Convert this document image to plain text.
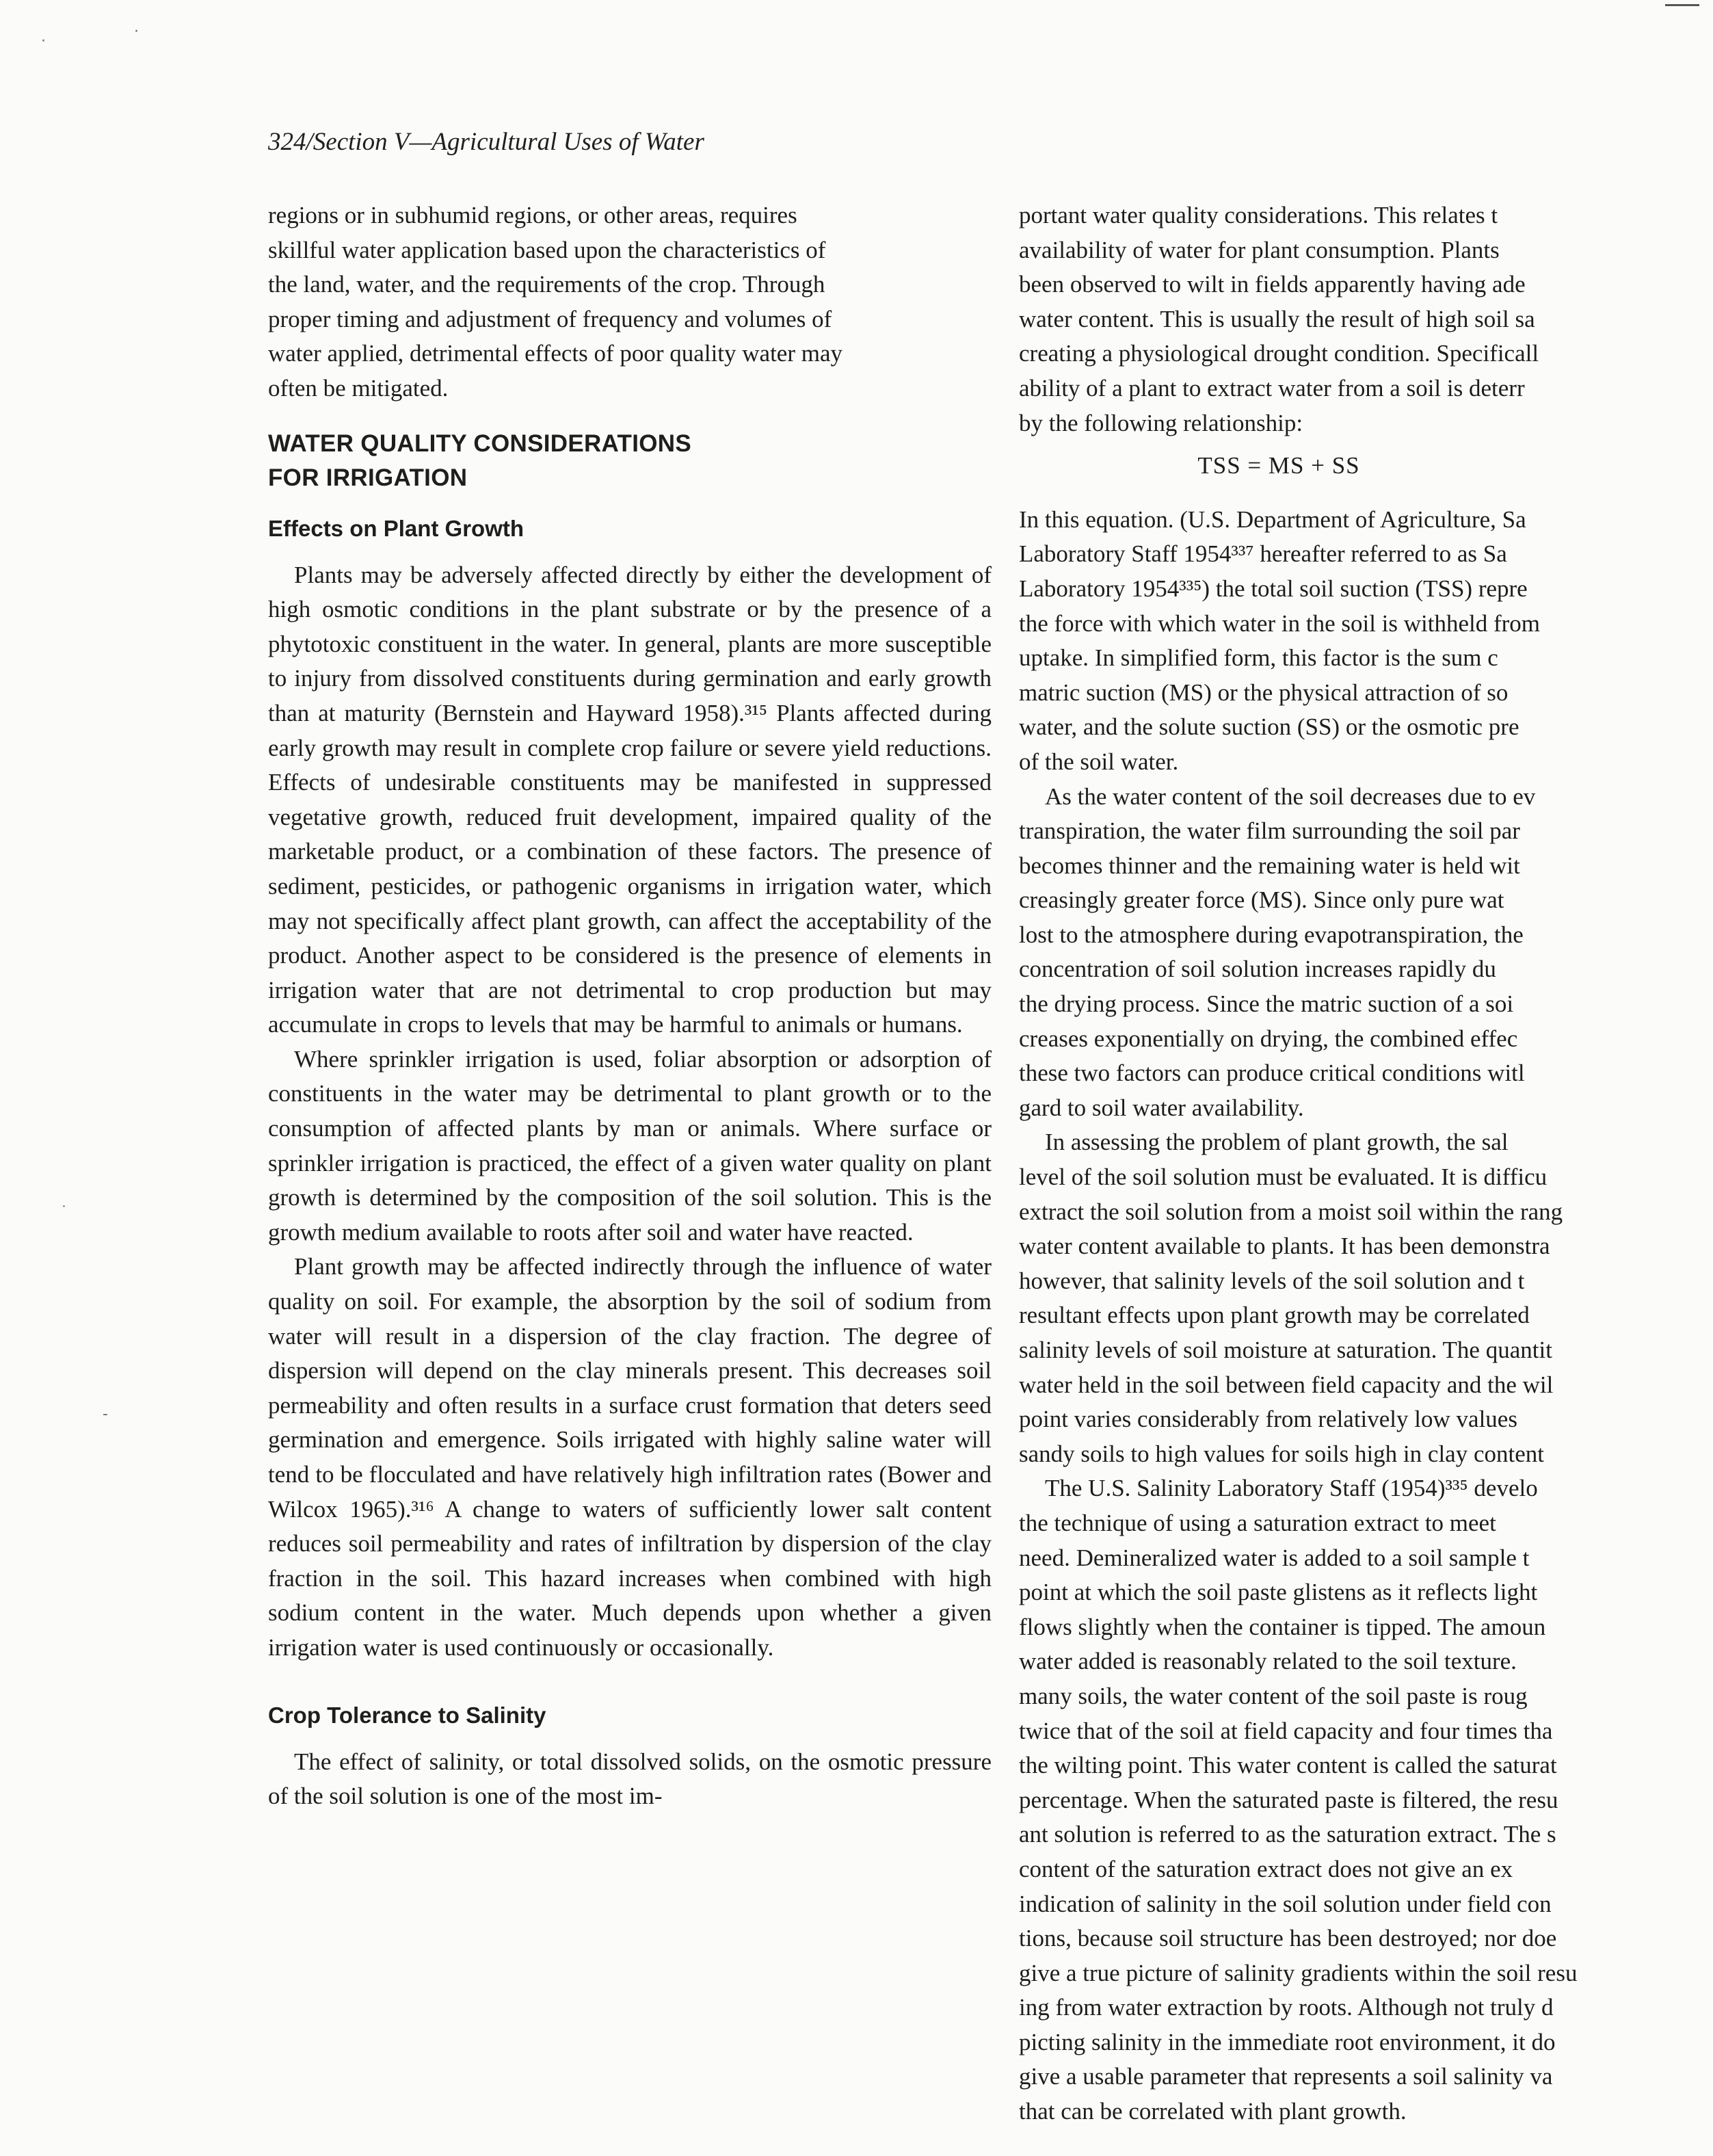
·
·
˙
-
324/Section V—Agricultural Uses of Water
regions or in subhumid regions, or other areas, requires
skillful water application based upon the characteristics of
the land, water, and the requirements of the crop. Through
proper timing and adjustment of frequency and volumes of
water applied, detrimental effects of poor quality water may
often be mitigated.
WATER QUALITY CONSIDERATIONS
FOR IRRIGATION
Effects on Plant Growth

Plants may be adversely affected directly by either the development of high osmotic conditions in the plant substrate or by the presence of a phytotoxic constituent in the water. In general, plants are more susceptible to injury from dissolved constituents during germination and early growth than at maturity (Bernstein and Hayward 1958).³¹⁵ Plants affected during early growth may result in complete crop failure or severe yield reductions. Effects of undesirable constituents may be manifested in suppressed vegetative growth, reduced fruit development, impaired quality of the marketable product, or a combination of these factors. The presence of sediment, pesticides, or pathogenic organisms in irrigation water, which may not specifically affect plant growth, can affect the acceptability of the product. Another aspect to be considered is the presence of elements in irrigation water that are not detrimental to crop production but may accumulate in crops to levels that may be harmful to animals or humans.

Where sprinkler irrigation is used, foliar absorption or adsorption of constituents in the water may be detrimental to plant growth or to the consumption of affected plants by man or animals. Where surface or sprinkler irrigation is practiced, the effect of a given water quality on plant growth is determined by the composition of the soil solution. This is the growth medium available to roots after soil and water have reacted.

Plant growth may be affected indirectly through the influence of water quality on soil. For example, the absorption by the soil of sodium from water will result in a dispersion of the clay fraction. The degree of dispersion will depend on the clay minerals present. This decreases soil permeability and often results in a surface crust formation that deters seed germination and emergence. Soils irrigated with highly saline water will tend to be flocculated and have relatively high infiltration rates (Bower and Wilcox 1965).³¹⁶ A change to waters of sufficiently lower salt content reduces soil permeability and rates of infiltration by dispersion of the clay fraction in the soil. This hazard increases when combined with high sodium content in the water. Much depends upon whether a given irrigation water is used continuously or occasionally.

Crop Tolerance to Salinity

The effect of salinity, or total dissolved solids, on the osmotic pressure of the soil solution is one of the most im-

portant water quality considerations. This relates t
availability of water for plant consumption. Plants
been observed to wilt in fields apparently having ade
water content. This is usually the result of high soil sa
creating a physiological drought condition. Specificall
ability of a plant to extract water from a soil is deterr
by the following relationship:
TSS = MS + SS
In this equation. (U.S. Department of Agriculture, Sa
Laboratory Staff 1954³³⁷ hereafter referred to as Sa
Laboratory 1954³³⁵) the total soil suction (TSS) repre
the force with which water in the soil is withheld from
uptake. In simplified form, this factor is the sum c
matric suction (MS) or the physical attraction of so
water, and the solute suction (SS) or the osmotic pre
of the soil water.
As the water content of the soil decreases due to ev
transpiration, the water film surrounding the soil par
becomes thinner and the remaining water is held wit
creasingly greater force (MS). Since only pure wat
lost to the atmosphere during evapotranspiration, the
concentration of soil solution increases rapidly du
the drying process. Since the matric suction of a soi
creases exponentially on drying, the combined effec
these two factors can produce critical conditions witl
gard to soil water availability.
In assessing the problem of plant growth, the sal
level of the soil solution must be evaluated. It is difficu
extract the soil solution from a moist soil within the rang
water content available to plants. It has been demonstra
however, that salinity levels of the soil solution and t
resultant effects upon plant growth may be correlated
salinity levels of soil moisture at saturation. The quantit
water held in the soil between field capacity and the wil
point varies considerably from relatively low values
sandy soils to high values for soils high in clay content
The U.S. Salinity Laboratory Staff (1954)³³⁵ develo
the technique of using a saturation extract to meet
need. Demineralized water is added to a soil sample t
point at which the soil paste glistens as it reflects light
flows slightly when the container is tipped. The amoun
water added is reasonably related to the soil texture.
many soils, the water content of the soil paste is roug
twice that of the soil at field capacity and four times tha
the wilting point. This water content is called the saturat
percentage. When the saturated paste is filtered, the resu
ant solution is referred to as the saturation extract. The s
content of the saturation extract does not give an ex
indication of salinity in the soil solution under field con
tions, because soil structure has been destroyed; nor doe
give a true picture of salinity gradients within the soil resu
ing from water extraction by roots. Although not truly d
picting salinity in the immediate root environment, it do
give a usable parameter that represents a soil salinity va
that can be correlated with plant growth.
